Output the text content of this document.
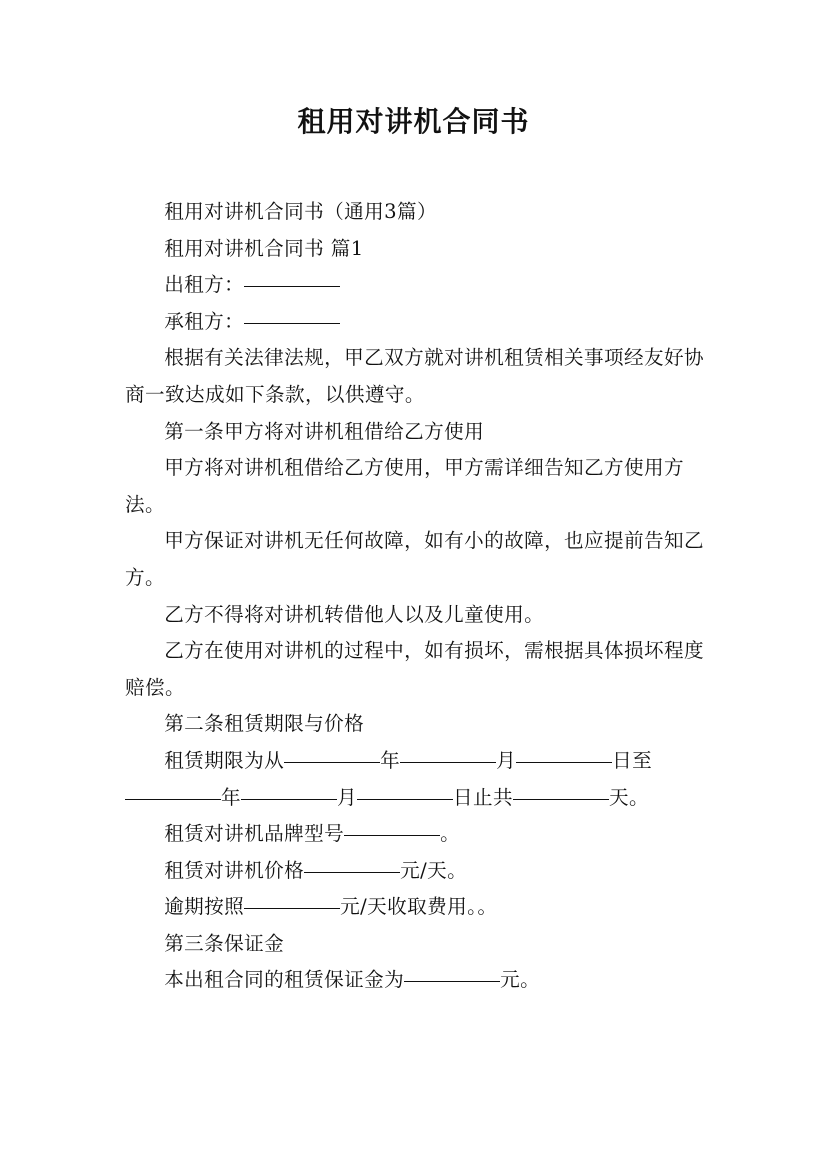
租用对讲机合同书

租用对讲机合同书（通用3篇）

租用对讲机合同书 篇1

出租方：

承租方：

根据有关法律法规，甲乙双方就对讲机租赁相关事项经友好协商一致达成如下条款，以供遵守。

第一条甲方将对讲机租借给乙方使用

甲方将对讲机租借给乙方使用，甲方需详细告知乙方使用方法。

甲方保证对讲机无任何故障，如有小的故障，也应提前告知乙方。

乙方不得将对讲机转借他人以及儿童使用。

乙方在使用对讲机的过程中，如有损坏，需根据具体损坏程度赔偿。

第二条租赁期限与价格

租赁期限为从	年	月	日至年	月	日止共	天。

租赁对讲机品牌型号	。

租赁对讲机价格	元/天。

逾期按照	元/天收取费用。。

第三条保证金

本出租合同的租赁保证金为	元。
